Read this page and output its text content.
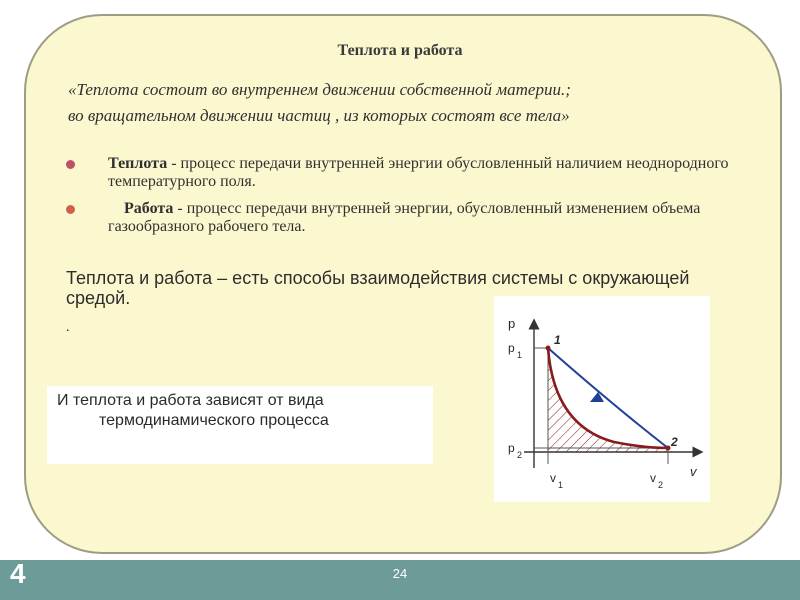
Теплота и работа
«Теплота состоит во внутреннем движении собственной материи.;
во вращательном движении частиц , из которых состоят все тела»
Теплота - процесс передачи внутренней энергии обусловленный наличием неоднородного температурного поля.
Работа - процесс передачи внутренней энергии, обусловленный изменением объема газообразного рабочего тела.
Теплота и работа – есть способы взаимодействия системы с окружающей средой.
.
И теплота и работа зависят от вида
термодинамического процесса
p
v
p 1
p 2
v 1	v 2
1
2
4	24
